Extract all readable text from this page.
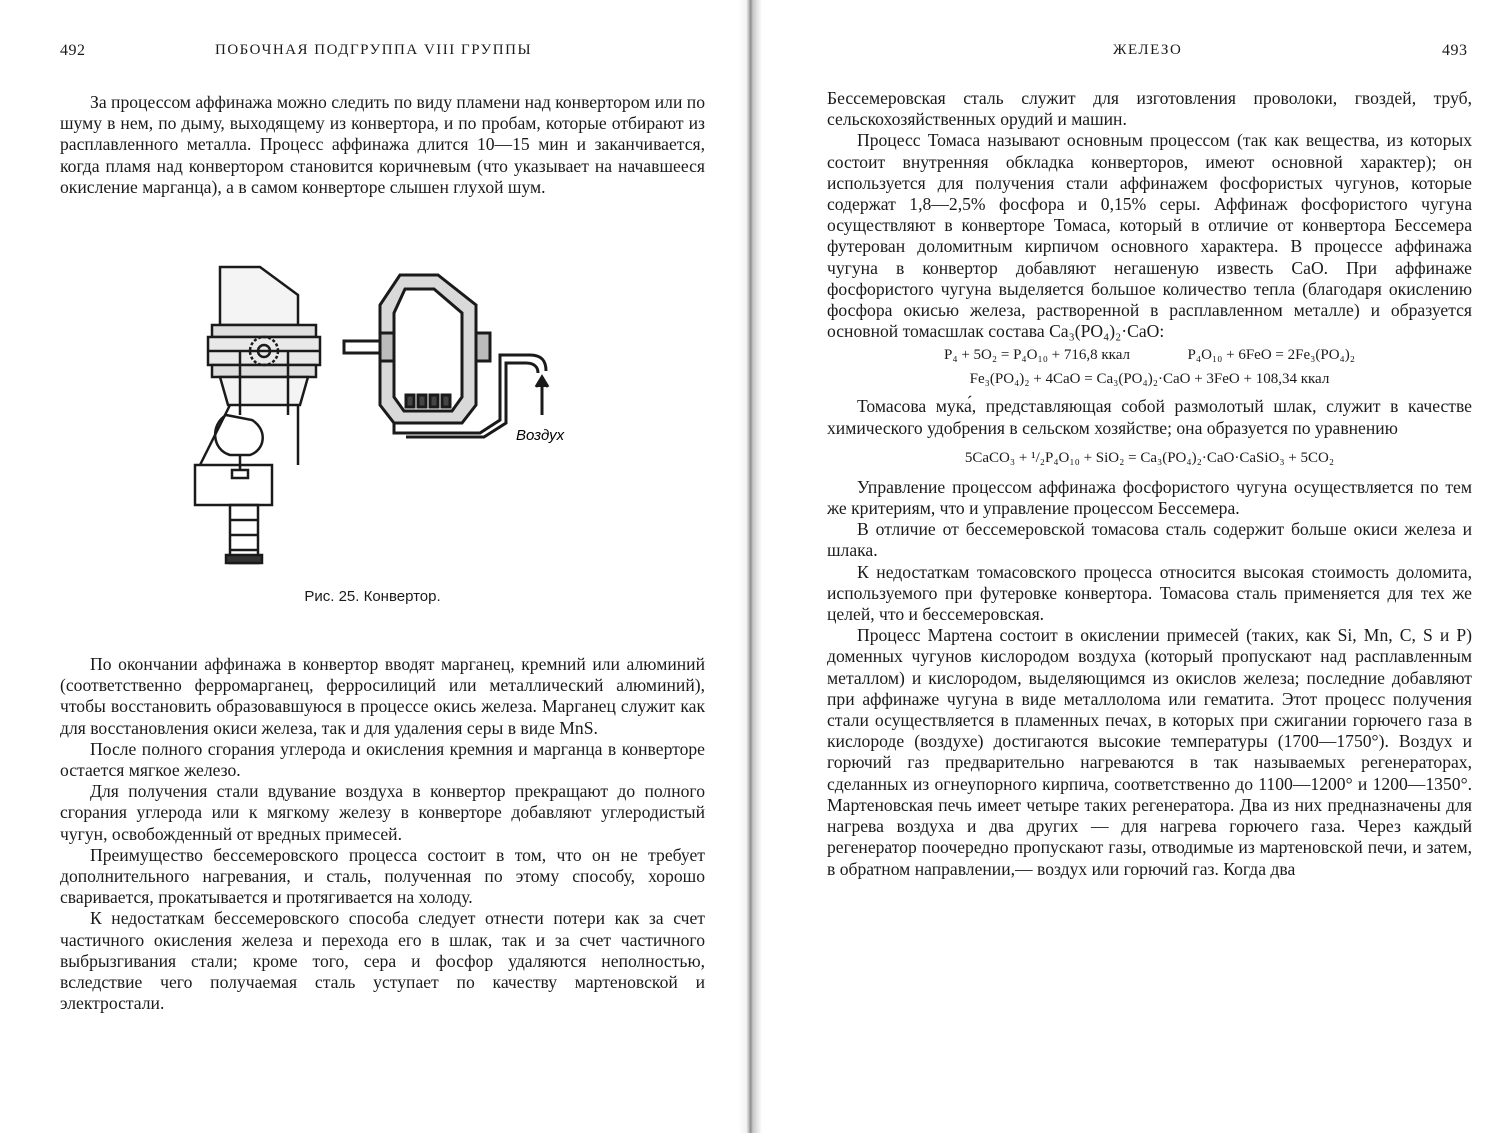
492	ПОБОЧНАЯ ПОДГРУППА VIII ГРУППЫ

За процессом аффинажа можно следить по виду пламени над конвертором или по шуму в нем, по дыму, выходящему из конвертора, и по пробам, которые отбирают из расплавленного металла. Процесс аффинажа длится 10—15 мин и заканчивается, когда пламя над конвертором становится коричневым (что указывает на начавшееся окисление марганца), а в самом конверторе слышен глухой шум.

Воздух
Рис. 25. Конвертор.

По окончании аффинажа в конвертор вводят марганец, кремний или алюминий (соответственно ферромарганец, ферросилиций или металлический алюминий), чтобы восстановить образовавшуюся в процессе окись железа. Марганец служит как для восстановления окиси железа, так и для удаления серы в виде MnS.

После полного сгорания углерода и окисления кремния и марганца в конверторе остается мягкое железо.

Для получения стали вдувание воздуха в конвертор прекращают до полного сгорания углерода или к мягкому железу в конверторе добавляют углеродистый чугун, освобожденный от вредных примесей.

Преимущество бессемеровского процесса состоит в том, что он не требует дополнительного нагревания, и сталь, полученная по этому способу, хорошо сваривается, прокатывается и протягивается на холоду.

К недостаткам бессемеровского способа следует отнести потери как за счет частичного окисления железа и перехода его в шлак, так и за счет частичного выбрызгивания стали; кроме того, сера и фосфор удаляются неполностью, вследствие чего получаемая сталь уступает по качеству мартеновской и электростали.

ЖЕЛЕЗО	493

Бессемеровская сталь служит для изготовления проволоки, гвоздей, труб, сельскохозяйственных орудий и машин.

Процесс Томаса называют основным процессом (так как вещества, из которых состоит внутренняя обкладка конверторов, имеют основной характер); он используется для получения стали аффинажем фосфористых чугунов, которые содержат 1,8—2,5% фосфора и 0,15% серы. Аффинаж фосфористого чугуна осуществляют в конверторе Томаса, который в отличие от конвертора Бессемера футерован доломитным кирпичом основного характера. В процессе аффинажа чугуна в конвертор добавляют негашеную известь CaO. При аффинаже фосфористого чугуна выделяется большое количество тепла (благодаря окислению фосфора окисью железа, растворенной в расплавленном металле) и образуется основной томасшлак состава Ca₃(PO₄)₂·CaO:

P₄ + 5O₂ = P₄O₁₀ + 716,8 ккал	P₄O₁₀ + 6FeO = 2Fe₃(PO₄)₂
Fe₃(PO₄)₂ + 4CaO = Ca₃(PO₄)₂·CaO + 3FeO + 108,34 ккал

Томасова мука́, представляющая собой размолотый шлак, служит в качестве химического удобрения в сельском хозяйстве; она образуется по уравнению

5CaCO₃ + ¹/₂P₄O₁₀ + SiO₂ = Ca₃(PO₄)₂·CaO·CaSiO₃ + 5CO₂

Управление процессом аффинажа фосфористого чугуна осуществляется по тем же критериям, что и управление процессом Бессемера.

В отличие от бессемеровской томасова сталь содержит больше окиси железа и шлака.

К недостаткам томасовского процесса относится высокая стоимость доломита, используемого при футеровке конвертора. Томасова сталь применяется для тех же целей, что и бессемеровская.

Процесс Мартена состоит в окислении примесей (таких, как Si, Mn, C, S и P) доменных чугунов кислородом воздуха (который пропускают над расплавленным металлом) и кислородом, выделяющимся из окислов железа; последние добавляют при аффинаже чугуна в виде металлолома или гематита. Этот процесс получения стали осуществляется в пламенных печах, в которых при сжигании горючего газа в кислороде (воздухе) достигаются высокие температуры (1700—1750°). Воздух и горючий газ предварительно нагреваются в так называемых регенераторах, сделанных из огнеупорного кирпича, соответственно до 1100—1200° и 1200—1350°. Мартеновская печь имеет четыре таких регенератора. Два из них предназначены для нагрева воздуха и два других — для нагрева горючего газа. Через каждый регенератор поочередно пропускают газы, отводимые из мартеновской печи, и затем, в обратном направлении,— воздух или горючий газ. Когда два
